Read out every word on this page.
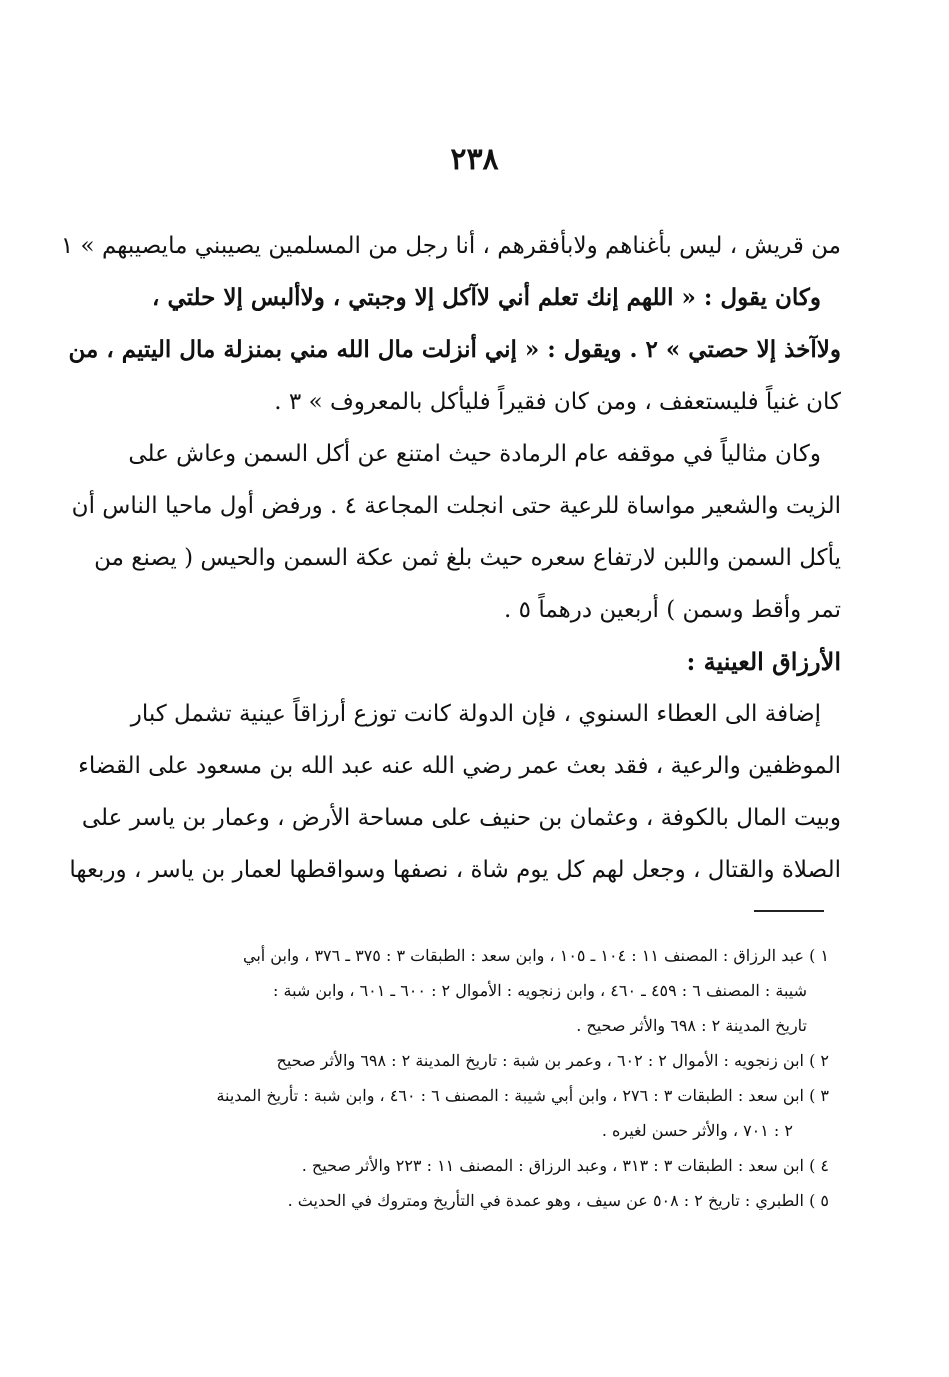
٢٣٨

من قريش ، ليس بأغناهم ولابأفقرهم ، أنا رجل من المسلمين يصيبني مايصيبهم » ١

وكان يقول : « اللهم إنك تعلم أني لاآكل إلا وجبتي ، ولاألبس إلا حلتي ،

ولاآخذ إلا حصتي » ٢ . ويقول : « إني أنزلت مال الله مني بمنزلة مال اليتيم ، من

كان غنياً فليستعفف ، ومن كان فقيراً فليأكل بالمعروف » ٣ .

وكان مثالياً في موقفه عام الرمادة حيث امتنع عن أكل السمن وعاش على

الزيت والشعير مواساة للرعية حتى انجلت المجاعة ٤ . ورفض أول ماحيا الناس أن

يأكل السمن واللبن لارتفاع سعره حيث بلغ ثمن عكة السمن والحيس ( يصنع من

تمر وأقط وسمن ) أربعين درهماً ٥ .

الأرزاق العينية :

إضافة الى العطاء السنوي ، فإن الدولة كانت توزع أرزاقاً عينية تشمل كبار

الموظفين والرعية ، فقد بعث عمر رضي الله عنه عبد الله بن مسعود على القضاء

وبيت المال بالكوفة ، وعثمان بن حنيف على مساحة الأرض ، وعمار بن ياسر على

الصلاة والقتال ، وجعل لهم كل يوم شاة ، نصفها وسواقطها لعمار بن ياسر ، وربعها

١ ) عبد الرزاق : المصنف ١١ : ١٠٤ ـ ١٠٥ ، وابن سعد : الطبقات ٣ : ٣٧٥ ـ ٣٧٦ ، وابن أبي

شيبة : المصنف ٦ : ٤٥٩ ـ ٤٦٠ ، وابن زنجويه : الأموال ٢ : ٦٠٠ ـ ٦٠١ ، وابن شبة :

تاريخ المدينة ٢ : ٦٩٨ والأثر صحيح .

٢ ) ابن زنجويه : الأموال ٢ : ٦٠٢ ، وعمر بن شبة : تاريخ المدينة ٢ : ٦٩٨ والأثر صحيح

٣ ) ابن سعد : الطبقات ٣ : ٢٧٦ ، وابن أبي شيبة : المصنف ٦ : ٤٦٠ ، وابن شبة : تأريخ المدينة

٢ : ٧٠١ ، والأثر حسن لغيره .

٤ ) ابن سعد : الطبقات ٣ : ٣١٣ ، وعبد الرزاق : المصنف ١١ : ٢٢٣ والأثر صحيح .

٥ ) الطبري : تاريخ ٢ : ٥٠٨ عن سيف ، وهو عمدة في التأريخ ومتروك في الحديث .
